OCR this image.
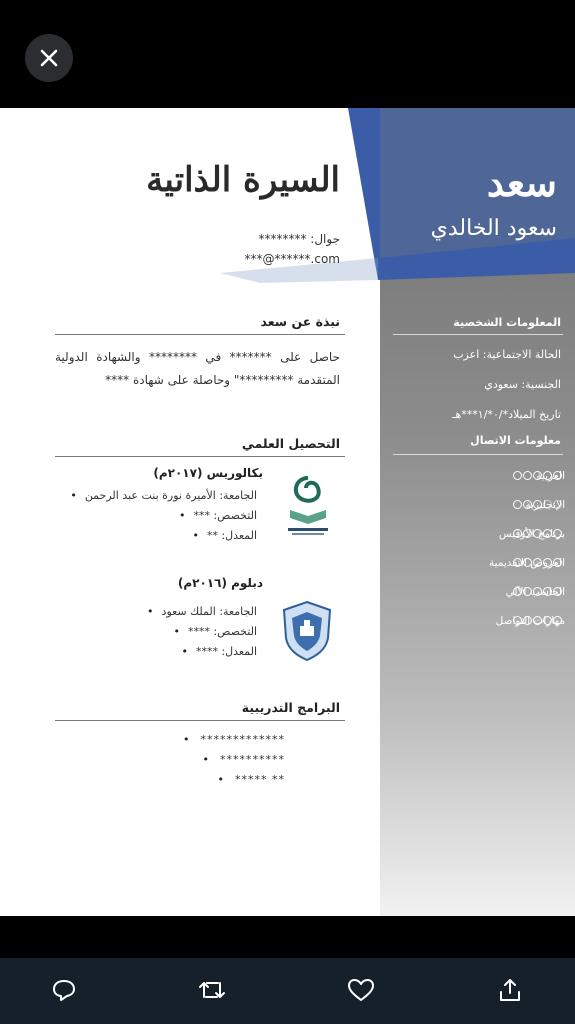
السيرة الذاتية
جوال: ********
***@******.com
سعد
سعود الخالدي
نبذة عن سعد
حاصل على ******* في ******** والشهادة الدولية المتقدمة *********" وحاصلة على شهادة ****
التحصيل العلمي
بكالوريس (٢٠١٧م)
الجامعة: الأميرة نورة بنت عبد الرحمن •
التخصص: *** •
المعدل: ** •
دبلوم (٢٠١٦م)
الجامعة: الملك سعود •
التخصص: **** •
المعدل: **** •
البرامج التدريبية
************* •
********** •
** ***** •
المعلومات الشخصية
الحالة الاجتماعية: اعزب
الجنسية: سعودي
تاريخ الميلاد*/٠*/١***هـ
معلومات الاتصال
العربية
الإنجليزية
برنامج الأوفيس
العروض التقديمية
الحاسب الآلي
مهارات التواصل
